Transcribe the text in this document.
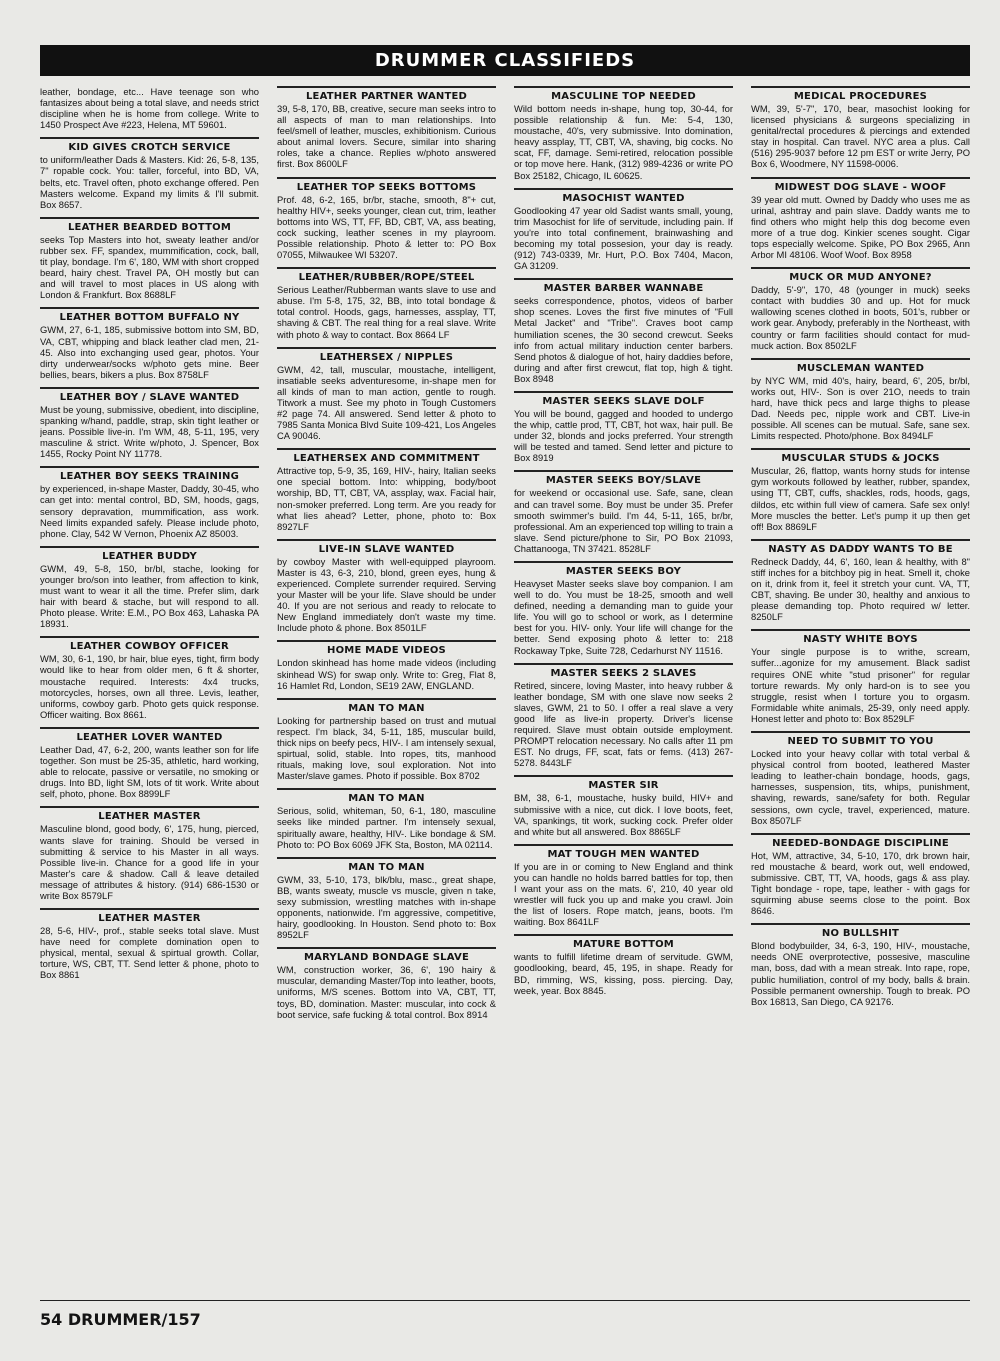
DRUMMER CLASSIFIEDS
leather, bondage, etc... Have teenage son who fantasizes about being a total slave, and needs strict discipline when he is home from college. Write to 1450 Prospect Ave #223, Helena, MT 59601.
KID GIVES CROTCH SERVICE
to uniform/leather Dads & Masters. Kid: 26, 5-8, 135, 7" ropable cock. You: taller, forceful, into BD, VA, belts, etc. Travel often, photo exchange offered. Pen Masters welcome. Expand my limits & I'll submit. Box 8657.
LEATHER BEARDED BOTTOM
seeks Top Masters into hot, sweaty leather and/or rubber sex. FF, spandex, mummification, cock, ball, tit play, bondage. I'm 6', 180, WM with short cropped beard, hairy chest. Travel PA, OH mostly but can and will travel to most places in US along with London & Frankfurt. Box 8688LF
LEATHER BOTTOM BUFFALO NY
GWM, 27, 6-1, 185, submissive bottom into SM, BD, VA, CBT, whipping and black leather clad men, 21-45. Also into exchanging used gear, photos. Your dirty underwear/socks w/photo gets mine. Beer bellies, bears, bikers a plus. Box 8758LF
LEATHER BOY / SLAVE WANTED
Must be young, submissive, obedient, into discipline, spanking w/hand, paddle, strap, skin tight leather or jeans. Possible live-in. I'm WM, 48, 5-11, 195, very masculine & strict. Write w/photo, J. Spencer, Box 1455, Rocky Point NY 11778.
LEATHER BOY SEEKS TRAINING
by experienced, in-shape Master, Daddy, 30-45, who can get into: mental control, BD, SM, hoods, gags, sensory depravation, mummification, ass work. Need limits expanded safely. Please include photo, phone. Clay, 542 W Vernon, Phoenix AZ 85003.
LEATHER BUDDY
GWM, 49, 5-8, 150, br/bl, stache, looking for younger bro/son into leather, from affection to kink, must want to wear it all the time. Prefer slim, dark hair with beard & stache, but will respond to all. Photo please. Write: E.M., PO Box 463, Lahaska PA 18931.
LEATHER COWBOY OFFICER
WM, 30, 6-1, 190, br hair, blue eyes, tight, firm body would like to hear from older men, 6 ft & shorter, moustache required. Interests: 4x4 trucks, motorcycles, horses, own all three. Levis, leather, uniforms, cowboy garb. Photo gets quick response. Officer waiting. Box 8661.
LEATHER LOVER WANTED
Leather Dad, 47, 6-2, 200, wants leather son for life together. Son must be 25-35, athletic, hard working, able to relocate, passive or versatile, no smoking or drugs. Into BD, light SM, lots of tit work. Write about self, photo, phone. Box 8899LF
LEATHER MASTER
Masculine blond, good body, 6', 175, hung, pierced, wants slave for training. Should be versed in submitting & service to his Master in all ways. Possible live-in. Chance for a good life in your Master's care & shadow. Call & leave detailed message of attributes & history. (914) 686-1530 or write Box 8579LF
LEATHER MASTER
28, 5-6, HIV-, prof., stable seeks total slave. Must have need for complete domination open to physical, mental, sexual & spirtual growth. Collar, torture, WS, CBT, TT. Send letter & phone, photo to Box 8861
LEATHER PARTNER WANTED
39, 5-8, 170, BB, creative, secure man seeks intro to all aspects of man to man relationships. Into feel/smell of leather, muscles, exhibitionism. Curious about animal lovers. Secure, similar into sharing roles, take a chance. Replies w/photo answered first. Box 8600LF
LEATHER TOP SEEKS BOTTOMS
Prof. 48, 6-2, 165, br/br, stache, smooth, 8"+ cut, healthy HIV+, seeks younger, clean cut, trim, leather bottoms into WS, TT, FF, BD, CBT, VA, ass beating, cock sucking, leather scenes in my playroom. Possible relationship. Photo & letter to: PO Box 07055, Milwaukee WI 53207.
LEATHER/RUBBER/ROPE/STEEL
Serious Leather/Rubberman wants slave to use and abuse. I'm 5-8, 175, 32, BB, into total bondage & total control. Hoods, gags, harnesses, assplay, TT, shaving & CBT. The real thing for a real slave. Write with photo & way to contact. Box 8664 LF
LEATHERSEX / NIPPLES
GWM, 42, tall, muscular, moustache, intelligent, insatiable seeks adventuresome, in-shape men for all kinds of man to man action, gentle to rough. Titwork a must. See my photo in Tough Customers #2 page 74. All answered. Send letter & photo to 7985 Santa Monica Blvd Suite 109-421, Los Angeles CA 90046.
LEATHERSEX AND COMMITMENT
Attractive top, 5-9, 35, 169, HIV-, hairy, Italian seeks one special bottom. Into: whipping, body/boot worship, BD, TT, CBT, VA, assplay, wax. Facial hair, non-smoker preferred. Long term. Are you ready for what lies ahead? Letter, phone, photo to: Box 8927LF
LIVE-IN SLAVE WANTED
by cowboy Master with well-equipped playroom. Master is 43, 6-3, 210, blond, green eyes, hung & experienced. Complete surrender required. Serving your Master will be your life. Slave should be under 40. If you are not serious and ready to relocate to New England immediately don't waste my time. Include photo & phone. Box 8501LF
HOME MADE VIDEOS
London skinhead has home made videos (including skinhead WS) for swap only. Write to: Greg, Flat 8, 16 Hamlet Rd, London, SE19 2AW, ENGLAND.
MAN TO MAN
Looking for partnership based on trust and mutual respect. I'm black, 34, 5-11, 185, muscular build, thick nips on beefy pecs, HIV-. I am intensely sexual, spirtual, solid, stable. Into ropes, tits, manhood rituals, making love, soul exploration. Not into Master/slave games. Photo if possible. Box 8702
MAN TO MAN
Serious, solid, whiteman, 50, 6-1, 180, masculine seeks like minded partner. I'm intensely sexual, spiritually aware, healthy, HIV-. Like bondage & SM. Photo to: PO Box 6069 JFK Sta, Boston, MA 02114.
MAN TO MAN
GWM, 33, 5-10, 173, blk/blu, masc., great shape, BB, wants sweaty, muscle vs muscle, given n take, sexy submission, wrestling matches with in-shape opponents, nationwide. I'm aggressive, competitive, hairy, goodlooking. In Houston. Send photo to: Box 8952LF
MARYLAND BONDAGE SLAVE
WM, construction worker, 36, 6', 190 hairy & muscular, demanding Master/Top into leather, boots, uniforms, M/S scenes. Bottom into VA, CBT, TT, toys, BD, domination. Master: muscular, into cock & boot service, safe fucking & total control. Box 8914
MASCULINE TOP NEEDED
Wild bottom needs in-shape, hung top, 30-44, for possible relationship & fun. Me: 5-4, 130, moustache, 40's, very submissive. Into domination, heavy assplay, TT, CBT, VA, shaving, big cocks. No scat, FF, damage. Semi-retired, relocation possible or top move here. Hank, (312) 989-4236 or write PO Box 25182, Chicago, IL 60625.
MASOCHIST WANTED
Goodlooking 47 year old Sadist wants small, young, trim Masochist for life of servitude, including pain. If you're into total confinement, brainwashing and becoming my total possesion, your day is ready. (912) 743-0339, Mr. Hurt, P.O. Box 7404, Macon, GA 31209.
MASTER BARBER WANNABE
seeks correspondence, photos, videos of barber shop scenes. Loves the first five minutes of "Full Metal Jacket" and "Tribe". Craves boot camp humiliation scenes, the 30 second crewcut. Seeks info from actual military induction center barbers. Send photos & dialogue of hot, hairy daddies before, during and after first crewcut, flat top, high & tight. Box 8948
MASTER SEEKS SLAVE DOLF
You will be bound, gagged and hooded to undergo the whip, cattle prod, TT, CBT, hot wax, hair pull. Be under 32, blonds and jocks preferred. Your strength will be tested and tamed. Send letter and picture to Box 8919
MASTER SEEKS BOY/SLAVE
for weekend or occasional use. Safe, sane, clean and can travel some. Boy must be under 35. Prefer smooth swimmer's build. I'm 44, 5-11, 165, br/br, professional. Am an experienced top willing to train a slave. Send picture/phone to Sir, PO Box 21093, Chattanooga, TN 37421. 8528LF
MASTER SEEKS BOY
Heavyset Master seeks slave boy companion. I am well to do. You must be 18-25, smooth and well defined, needing a demanding man to guide your life. You will go to school or work, as I determine best for you. HIV- only. Your life will change for the better. Send exposing photo & letter to: 218 Rockaway Tpke, Suite 728, Cedarhurst NY 11516.
MASTER SEEKS 2 SLAVES
Retired, sincere, loving Master, into heavy rubber & leather bondage, SM with one slave now seeks 2 slaves, GWM, 21 to 50. I offer a real slave a very good life as live-in property. Driver's license required. Slave must obtain outside employment. PROMPT relocation necessary. No calls after 11 pm EST. No drugs, FF, scat, fats or fems. (413) 267-5278. 8443LF
MASTER SIR
BM, 38, 6-1, moustache, husky build, HIV+ and submissive with a nice, cut dick. I love boots, feet, VA, spankings, tit work, sucking cock. Prefer older and white but all answered. Box 8865LF
MAT TOUGH MEN WANTED
If you are in or coming to New England and think you can handle no holds barred battles for top, then I want your ass on the mats. 6', 210, 40 year old wrestler will fuck you up and make you crawl. Join the list of losers. Rope match, jeans, boots. I'm waiting. Box 8641LF
MATURE BOTTOM
wants to fulfill lifetime dream of servitude. GWM, goodlooking, beard, 45, 195, in shape. Ready for BD, rimming, WS, kissing, poss. piercing. Day, week, year. Box 8845.
MEDICAL PROCEDURES
WM, 39, 5'-7", 170, bear, masochist looking for licensed physicians & surgeons specializing in genital/rectal procedures & piercings and extended stay in hospital. Can travel. NYC area a plus. Call (516) 295-9037 before 12 pm EST or write Jerry, PO Box 6, Woodmere, NY 11598-0006.
MIDWEST DOG SLAVE - WOOF
39 year old mutt. Owned by Daddy who uses me as urinal, ashtray and pain slave. Daddy wants me to find others who might help this dog become even more of a true dog. Kinkier scenes sought. Cigar tops especially welcome. Spike, PO Box 2965, Ann Arbor MI 48106. Woof Woof. Box 8958
MUCK OR MUD ANYONE?
Daddy, 5'-9", 170, 48 (younger in muck) seeks contact with buddies 30 and up. Hot for muck wallowing scenes clothed in boots, 501's, rubber or work gear. Anybody, preferably in the Northeast, with country or farm facilities should contact for mud-muck action. Box 8502LF
MUSCLEMAN WANTED
by NYC WM, mid 40's, hairy, beard, 6', 205, br/bl, works out, HIV-. Son is over 21O, needs to train hard, have thick pecs and large thighs to please Dad. Needs pec, nipple work and CBT. Live-in possible. All scenes can be mutual. Safe, sane sex. Limits respected. Photo/phone. Box 8494LF
MUSCULAR STUDS & JOCKS
Muscular, 26, flattop, wants horny studs for intense gym workouts followed by leather, rubber, spandex, using TT, CBT, cuffs, shackles, rods, hoods, gags, dildos, etc within full view of camera. Safe sex only! More muscles the better. Let's pump it up then get off! Box 8869LF
NASTY AS DADDY WANTS TO BE
Redneck Daddy, 44, 6', 160, lean & healthy, with 8" stiff inches for a bitchboy pig in heat. Smell it, choke on it, drink from it, feel it stretch your cunt. VA, TT, CBT, shaving. Be under 30, healthy and anxious to please demanding top. Photo required w/ letter. 8250LF
NASTY WHITE BOYS
Your single purpose is to writhe, scream, suffer...agonize for my amusement. Black sadist requires ONE white "stud prisoner" for regular torture rewards. My only hard-on is to see you struggle, resist when I torture you to orgasm. Formidable white animals, 25-39, only need apply. Honest letter and photo to: Box 8529LF
NEED TO SUBMIT TO YOU
Locked into your heavy collar with total verbal & physical control from booted, leathered Master leading to leather-chain bondage, hoods, gags, harnesses, suspension, tits, whips, punishment, shaving, rewards, sane/safety for both. Regular sessions, own cycle, travel, experienced, mature. Box 8507LF
NEEDED-BONDAGE DISCIPLINE
Hot, WM, attractive, 34, 5-10, 170, drk brown hair, red moustache & beard, work out, well endowed, submissive. CBT, TT, VA, hoods, gags & ass play. Tight bondage - rope, tape, leather - with gags for squirming abuse seems close to the point. Box 8646.
NO BULLSHIT
Blond bodybuilder, 34, 6-3, 190, HIV-, moustache, needs ONE overprotective, possesive, masculine man, boss, dad with a mean streak. Into rape, rope, public humiliation, control of my body, balls & brain. Possible permanent ownership. Tough to break. PO Box 16813, San Diego, CA 92176.
54 DRUMMER/157
